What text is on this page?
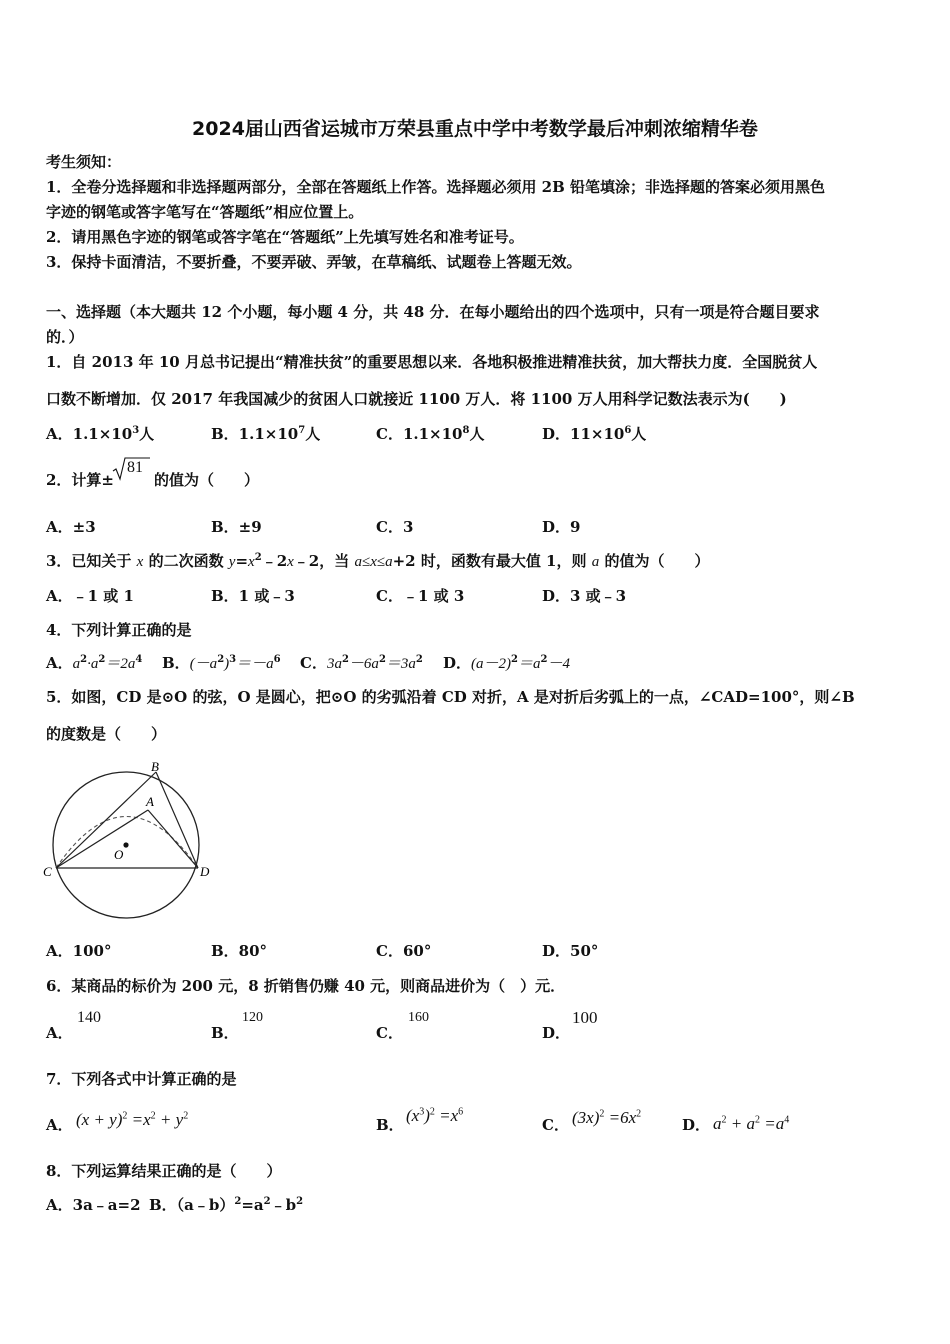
2024届山西省运城市万荣县重点中学中考数学最后冲刺浓缩精华卷
考生须知：
1．全卷分选择题和非选择题两部分，全部在答题纸上作答。选择题必须用 2B 铅笔填涂；非选择题的答案必须用黑色
字迹的钢笔或答字笔写在“答题纸”相应位置上。
2．请用黑色字迹的钢笔或答字笔在“答题纸”上先填写姓名和准考证号。
3．保持卡面清洁，不要折叠，不要弄破、弄皱，在草稿纸、试题卷上答题无效。
一、选择题（本大题共 12 个小题，每小题 4 分，共 48 分．在每小题给出的四个选项中，只有一项是符合题目要求
的．）
1．自 2013 年 10 月总书记提出“精准扶贫”的重要思想以来．各地积极推进精准扶贫，加大帮扶力度．全国脱贫人
口数不断增加．仅 2017 年我国减少的贫困人口就接近 1100 万人．将 1100 万人用科学记数法表示为(　　)
A．$1.1\times 10^3$人	B．$1.1\times 10^7$人	C．$1.1\times 10^8$人	D．$11\times 10^6$人
2．计算±	的值为（　　）
81
A．±3	B．±9	C．3	D．9
3．已知关于 x 的二次函数 $y=x^2﹣2x﹣2$，当 a≤x≤a+2 时，函数有最大值 1，则 a 的值为（　　）
A．﹣1 或 1	B．1 或﹣3	C．﹣1 或 3	D．3 或﹣3
4．下列计算正确的是
A．$a^2\cdot a^2=2a^4$ B．$(-a^2)^3=-a^6$ C．$3a^2-6a^2=3a^2$ D．$(a-2)^2=a^2-4$
5．如图，CD 是⊙O 的弦，O 是圆心，把⊙O 的劣弧沿着 CD 对折，A 是对折后劣弧上的一点，∠CAD=100°，则∠B
的度数是（　　）
B
A
O
C	D
A．100°	B．80°	C．60°	D．50°
6．某商品的标价为 200 元，8 折销售仍赚 40 元，则商品进价为（　）元．
A．
140
B．
120
C．
160
D．
100
7．下列各式中计算正确的是
A． $(x + y)^2 =x^2 + y^2$	B． $(x^3)^2 =x^6$
C． $(3x)^2 =6x^2$
D． $a^2 + a^2 =a^4$
8．下列运算结果正确的是（　　）
A．3a﹣a=2 B．$(a﹣b)^2=a^2﹣b^2$
